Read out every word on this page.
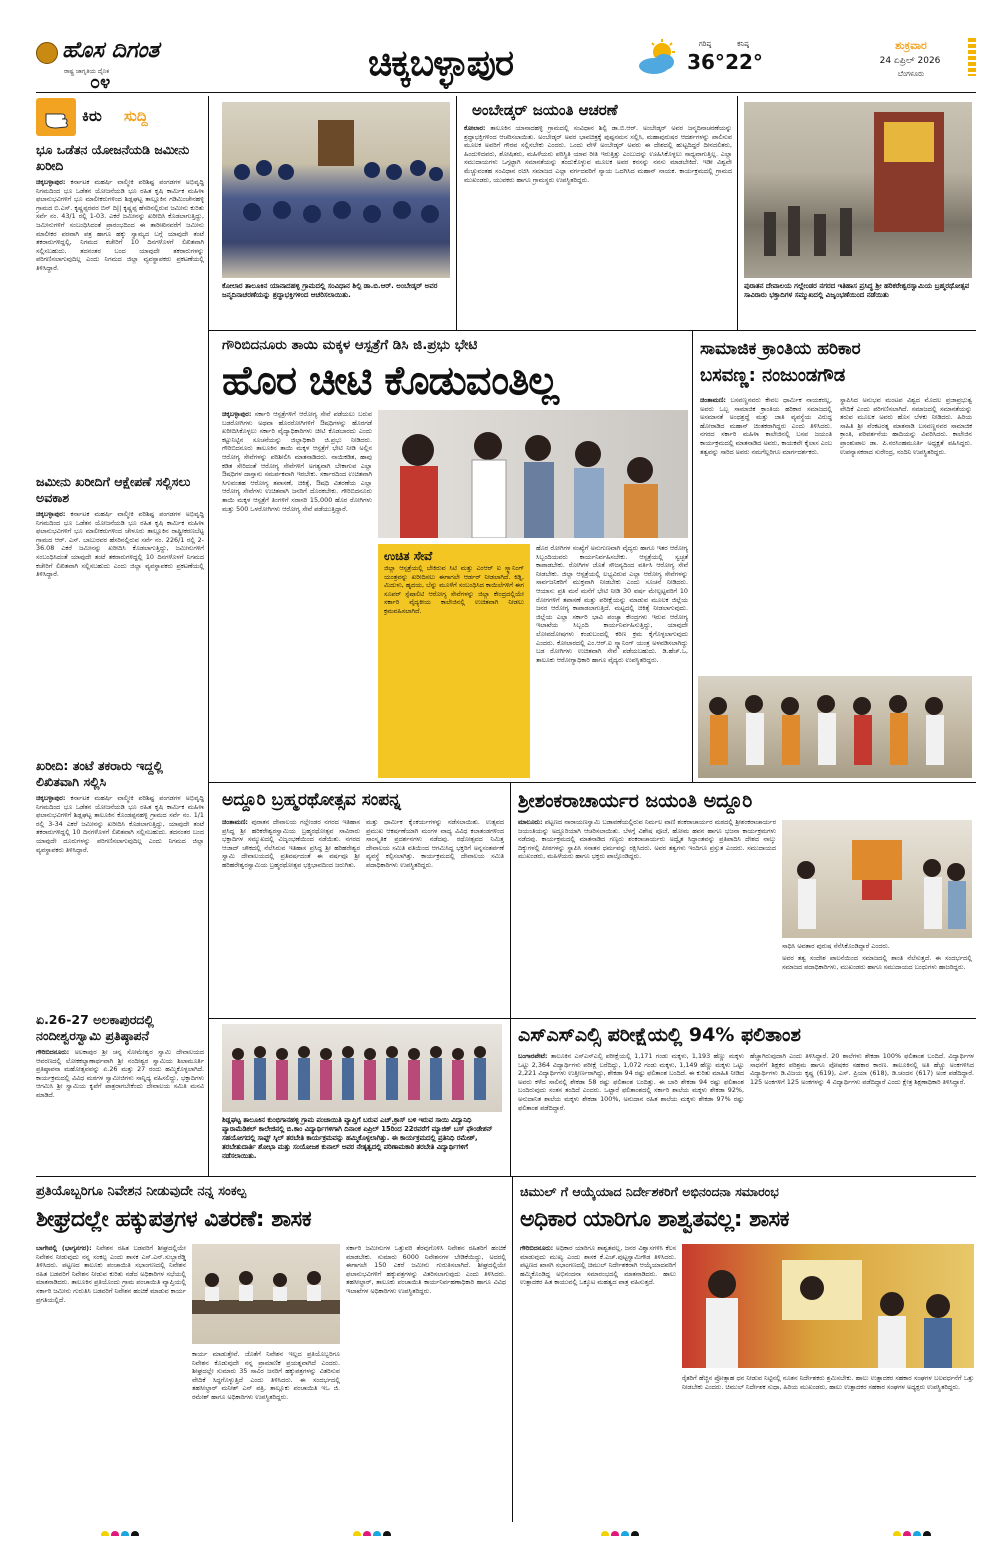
ಹೊಸ ದಿಗಂತ
ರಾಷ್ಟ್ರ ಜಾಗೃತಿಯ ದೈನಿಕ
೦೪	ಚಿಕ್ಕಬಳ್ಳಾಪುರ	ಗರಿಷ್ಠ
36°
ಕನಿಷ್ಠ
22°
ಶುಕ್ರವಾರ
24 ಏಪ್ರಿಲ್ 2026
ಬೆಂಗಳೂರು
ಕಿರು	ಸುದ್ದಿ
ಭೂ ಒಡೆತನ ಯೋಜನೆಯಡಿ ಜಮೀನು ಖರೀದಿ
ಚಿಕ್ಕಬಳ್ಳಾಪುರ: ಕರ್ನಾಟಕ ಮಹರ್ಷಿ ವಾಲ್ಮೀಕಿ ಪರಿಶಿಷ್ಟ ಪಂಗಡಗಳ ಅಭಿವೃದ್ಧಿ ನಿಗಮದಿಂದ ಭೂ ಒಡೆತನ ಯೋಜನೆಯಡಿ ಭೂ ರಹಿತ ಕೃಷಿ ಕಾರ್ಮಿಕ ಮಹಿಳಾ ಫಲಾನುಭವಿಗಳಿಗೆ ಭೂ ಮಾಲೀಕರುಗಳಿಂದ ಶಿಡ್ಲಘಟ್ಟ ತಾಲ್ಲೂಕಿನ ಗಡಿಮಿಂಚೇನಹಳ್ಳಿ ಗ್ರಾಮದ ಬಿ.ಎಸ್. ಕೃಷ್ಣಪ್ಪರವರ ಬಿನ್ ದಿ|| ಕೃಷ್ಣಪ್ಪ ಹೆಸರಿನಲ್ಲಿರುವ ಜಮೀನು ಕುರಿತು ಸರ್ವೆ ನಂ. 43/1 ರಲ್ಲಿ 1-03. ಎಕರೆ ಜಮೀನನ್ನು ಖರೀದಿಸಿ ಕೊಡಲಾಗುತ್ತಿದ್ದು, ಜಮೀನುಗಳಿಗೆ ಸಂಬಂಧಿಸಿದಂತೆ ಪ್ರಾರಂಭದಿಂದ ಈ ತಾರೀಖಿನವರೆಗೆ ಜಮೀನು ಮಾಲೀಕರ ಪರವಾಗಿ ಪತ್ರ ಹಾಗೂ ಹಕ್ಕು ಸ್ವಾಮ್ಯದ ಬಗ್ಗೆ ಯಾವುದೇ ತಂಟೆ ತಕರಾರುಗಳಿದ್ದಲ್ಲಿ, ನಿಗಮದ ಕಚೇರಿಗೆ 10 ದಿನಗಳೊಳಗೆ ಲಿಖಿತವಾಗಿ ಸಲ್ಲಿಸಬಹುದು. ತದನಂತರ ಬಂದ ಯಾವುದೇ ತಕರಾರುಗಳನ್ನು ಪರಿಗಣಿಸಲಾಗುವುದಿಲ್ಲ ಎಂದು ನಿಗಮದ ಜಿಲ್ಲಾ ವ್ಯವಸ್ಥಾಪಕರು ಪ್ರಕಟಣೆಯಲ್ಲಿ ತಿಳಿಸಿದ್ದಾರೆ.
ಜಮೀನು ಖರೀದಿಗೆ ಆಕ್ಷೇಪಣೆ ಸಲ್ಲಿಸಲು ಅವಕಾಶ
ಚಿಕ್ಕಬಳ್ಳಾಪುರ: ಕರ್ನಾಟಕ ಮಹರ್ಷಿ ವಾಲ್ಮೀಕಿ ಪರಿಶಿಷ್ಟ ಪಂಗಡಗಳ ಅಭಿವೃದ್ಧಿ ನಿಗಮದಿಂದ ಭೂ ಒಡೆತನ ಯೋಜನೆಯಡಿ ಭೂ ರಹಿತ ಕೃಷಿ ಕಾರ್ಮಿಕ ಮಹಿಳಾ ಫಲಾನುಭವಿಗಳಿಗೆ ಭೂ ಮಾಲೀಕರುಗಳಿಂದ ಚೇಳೂರು ತಾಲ್ಲೂಕಿನ ರಾಷ್ಟ್ರೀಕರಣಬೆಟ್ಟ ಗ್ರಾಮದ ಆರ್. ಎಸ್. ಬಾಬುರವರ ಹೆಸರಿನಲ್ಲಿರುವ ಸರ್ವೆ ನಂ. 226/1 ರಲ್ಲಿ 2-36.08 ಎಕರೆ ಜಮೀನನ್ನು ಖರೀದಿಸಿ ಕೊಡಲಾಗುತ್ತಿದ್ದು, ಜಮೀನುಗಳಿಗೆ ಸಂಬಂಧಿಸಿದಂತೆ ಯಾವುದೇ ತಂಟೆ ತಕರಾರುಗಳಿದ್ದಲ್ಲಿ 10 ದಿನಗಳೊಳಗೆ ನಿಗಮದ ಕಚೇರಿಗೆ ಲಿಖಿತವಾಗಿ ಸಲ್ಲಿಸಬಹುದು ಎಂದು ಜಿಲ್ಲಾ ವ್ಯವಸ್ಥಾಪಕರು ಪ್ರಕಟಣೆಯಲ್ಲಿ ತಿಳಿಸಿದ್ದಾರೆ.
ಖರೀದಿ: ತಂಟೆ ತಕರಾರು ಇದ್ದಲ್ಲಿ ಲಿಖಿತವಾಗಿ ಸಲ್ಲಿಸಿ
ಚಿಕ್ಕಬಳ್ಳಾಪುರ: ಕರ್ನಾಟಕ ಮಹರ್ಷಿ ವಾಲ್ಮೀಕಿ ಪರಿಶಿಷ್ಟ ಪಂಗಡಗಳ ಅಭಿವೃದ್ಧಿ ನಿಗಮದಿಂದ ಭೂ ಒಡೆತನ ಯೋಜನೆಯಡಿ ಭೂ ರಹಿತ ಕೃಷಿ ಕಾರ್ಮಿಕ ಮಹಿಳಾ ಫಲಾನುಭವಿಗಳಿಗೆ ಶಿಡ್ಲಘಟ್ಟ ತಾಲೂಕಿನ ಕೊಂಡಪ್ಪನಹಳ್ಳಿ ಗ್ರಾಮದ ಸರ್ವೆ ನಂ. 1/1 ರಲ್ಲಿ 3-34 ಎಕರೆ ಜಮೀನನ್ನು ಖರೀದಿಸಿ ಕೊಡಲಾಗುತ್ತಿದ್ದು, ಯಾವುದೇ ತಂಟೆ ತಕರಾರುಗಳಿದ್ದಲ್ಲಿ 10 ದಿನಗಳೊಳಗೆ ಲಿಖಿತವಾಗಿ ಸಲ್ಲಿಸಬಹುದು. ತದನಂತರ ಬಂದ ಯಾವುದೇ ದೂರುಗಳನ್ನು ಪರಿಗಣಿಸಲಾಗುವುದಿಲ್ಲ ಎಂದು ನಿಗಮದ ಜಿಲ್ಲಾ ವ್ಯವಸ್ಥಾಪಕರು ತಿಳಿಸಿದ್ದಾರೆ.
ಏ.26-27 ಅಲಕಾಪುರದಲ್ಲಿ ನಂದೀಶ್ವರಸ್ವಾಮಿ ಪ್ರತಿಷ್ಠಾಪನೆ
ಗೌರಿಬಿದನೂರು: ಅಲಕಾಪುರ ಶ್ರೀ ಚನ್ನ ಸೋಮೇಶ್ವರ ಸ್ವಾಮಿ ದೇವಾಲಯದ ಆವರಣದಲ್ಲಿ ಲೋಕಕಲ್ಯಾಣಾರ್ಥವಾಗಿ ಶ್ರೀ ನಂದೀಶ್ವರ ಸ್ವಾಮಿಯ ಶಿಲಾಮೂರ್ತಿ ಪ್ರತಿಷ್ಠಾಪನಾ ಮಹೋತ್ಸವವನ್ನು ಏ.26 ಮತ್ತು 27 ರಂದು ಹಮ್ಮಿಕೊಳ್ಳಲಾಗಿದೆ. ಕಾರ್ಯಕ್ರಮದಲ್ಲಿ ವಿವಿಧ ಮಠಗಳ ಸ್ವಾಮೀಜಿಗಳು ಸಾನ್ನಿಧ್ಯ ವಹಿಸಲಿದ್ದು, ಭಕ್ತಾದಿಗಳು ಆಗಮಿಸಿ ಶ್ರೀ ಸ್ವಾಮಿಯ ಕೃಪೆಗೆ ಪಾತ್ರರಾಗಬೇಕೆಂದು ದೇವಾಲಯ ಸಮಿತಿ ಮನವಿ ಮಾಡಿದೆ.
ಕೋಲಾರ ತಾಲೂಕಿನ ಯಾನಾದಹಳ್ಳಿ ಗ್ರಾಮದಲ್ಲಿ ಸಂವಿಧಾನ ಶಿಲ್ಪಿ ಡಾ.ಬಿ.ಆರ್. ಅಂಬೇಡ್ಕರ್ ಅವರ ಜನ್ಮದಿನಾಚರಣೆಯನ್ನು ಶ್ರದ್ಧಾಭಕ್ತಿಗಳಿಂದ ಆಚರಿಸಲಾಯಿತು.
ಅಂಬೇಡ್ಕರ್ ಜಯಂತಿ ಆಚರಣೆ
ಕೋಲಾರ: ತಾಲೂಕಿನ ಯಾನಾದಹಳ್ಳಿ ಗ್ರಾಮದಲ್ಲಿ ಸಂವಿಧಾನ ಶಿಲ್ಪಿ ಡಾ.ಬಿ.ಆರ್. ಅಂಬೇಡ್ಕರ್ ಅವರ ಜನ್ಮದಿನಾಚರಣೆಯನ್ನು ಶ್ರದ್ಧಾಭಕ್ತಿಗಳಿಂದ ಆಚರಿಸಲಾಯಿತು. ಅಂಬೇಡ್ಕರ್ ಅವರ ಭಾವಚಿತ್ರಕ್ಕೆ ಪುಷ್ಪನಮನ ಸಲ್ಲಿಸಿ, ಮಹಾಪುರುಷರ ಆದರ್ಶಗಳನ್ನು ಪಾಲಿಸುವ ಮೂಲಕ ಅವರಿಗೆ ಗೌರವ ಸಲ್ಲಿಸಬೇಕು ಎಂದರು. ಒಂದು ವೇಳೆ ಅಂಬೇಡ್ಕರ್ ಅವರು ಈ ದೇಶದಲ್ಲಿ ಹುಟ್ಟದಿದ್ದರೆ ದೀನದಲಿತರು, ಹಿಂದುಳಿದವರು, ಶೋಷಿತರು, ಮಹಿಳೆಯರು ಪರಿಸ್ಥಿತಿ ಯಾವ ರೀತಿ ಇರುತ್ತಿತ್ತು ಎಂಬುದನ್ನು ಊಹಿಸಿಕೊಳ್ಳಲು ಸಾಧ್ಯವಾಗುತ್ತಿಲ್ಲ. ಎಲ್ಲಾ ಸಮುದಾಯಗಳು ಒಗ್ಗಟ್ಟಾಗಿ ಸಮಾನತೆಯನ್ನು ತಂದುಕೊಳ್ಳುವ ಮೂಲಕ ಅವರ ಕನಸನ್ನು ನನಸು ಮಾಡಬೇಕಿದೆ. ಇಡೀ ವಿಶ್ವವೇ ಮೆಚ್ಚುವಂತಹ ಸಂವಿಧಾನ ರಚಿಸಿ ಸಮಾಜದ ಎಲ್ಲಾ ವರ್ಗದವರಿಗೆ ನ್ಯಾಯ ಒದಗಿಸಿದ ಮಹಾನ್ ನಾಯಕ. ಕಾರ್ಯಕ್ರಮದಲ್ಲಿ ಗ್ರಾಮದ ಮುಖಂಡರು, ಯುವಕರು ಹಾಗೂ ಗ್ರಾಮಸ್ಥರು ಉಪಸ್ಥಿತರಿದ್ದರು.
ಪುರಾತನ ದೇವಾಲಯ ಗಲ್ಲೇಂಡರ ನಗರದ ಇತಿಹಾಸ ಪ್ರಸಿದ್ಧ ಶ್ರೀ ಹರಿಕರೇಶ್ವರಸ್ವಾಮಿಯ ಬ್ರಹ್ಮರಥೋತ್ಸವ ಸಾವಿರಾರು ಭಕ್ತಾದಿಗಳ ಸಮ್ಮುಖದಲ್ಲಿ ವಿಜೃಂಭಣೆಯಿಂದ ನಡೆಯಿತು
ಗೌರಿಬಿದನೂರು ತಾಯಿ ಮಕ್ಕಳ ಆಸ್ಪತ್ರೆಗೆ ಡಿಸಿ ಜಿ.ಪ್ರಭು ಭೇಟಿ
ಹೊರ ಚೀಟಿ ಕೊಡುವಂತಿಲ್ಲ
ಚಿಕ್ಕಬಳ್ಳಾಪುರ: ಸರ್ಕಾರಿ ಆಸ್ಪತ್ರೆಗಳಿಗೆ ಆರೋಗ್ಯ ಸೇವೆ ಪಡೆಯಲು ಬರುವ ಬಡರೋಗಿಗಳು ಅಥವಾ ಹೊರರೋಗಿಗಳಿಗೆ ಔಷಧಿಗಳನ್ನು ಹೊರಗಡೆ ಖರೀದಿಸಿಕೊಳ್ಳಲು ಸರ್ಕಾರಿ ವೈದ್ಯಾಧಿಕಾರಿಗಳು ಚೀಟಿ ಕೊಡಬಾರದು ಎಂದು ಕಟ್ಟುನಿಟ್ಟಿನ ಸೂಚನೆಯನ್ನು ಜಿಲ್ಲಾಧಿಕಾರಿ ಜಿ.ಪ್ರಭು ನೀಡಿದರು. ಗೌರಿಬಿದನೂರು ತಾಲೂಕಿನ ತಾಯಿ ಮಕ್ಕಳ ಆಸ್ಪತ್ರೆಗೆ ಭೇಟಿ ನೀಡಿ ಅಲ್ಲಿನ ಆರೋಗ್ಯ ಸೇವೆಗಳನ್ನು ಪರಿಶೀಲಿಸಿ ಮಾತನಾಡಿದರು. ನಾಯಿಕಡಿತ, ಹಾವು ಕಡಿತ ಸೇರಿದಂತೆ ಆರೋಗ್ಯ ಸೇವೆಗಳಿಗೆ ಅಗತ್ಯವಾಗಿ ಬೇಕಾಗುವ ಎಲ್ಲಾ ಔಷಧಿಗಳ ದಾಸ್ತಾನು ಸಮರ್ಪಕವಾಗಿ ಇರಬೇಕು. ಸರ್ಕಾರದಿಂದ ಉಚಿತವಾಗಿ ಸಿಗುವಂತಹ ಆರೋಗ್ಯ ತಪಾಸಣೆ, ಚಿಕಿತ್ಸೆ, ಔಷಧಿ ವಿತರಣೆಯ ಎಲ್ಲಾ ಆರೋಗ್ಯ ಸೇವೆಗಳು ಉಚಿತವಾಗಿ ಜನರಿಗೆ ದೊರಕಬೇಕು. ಗೌರಿಬಿದನೂರು ತಾಯಿ ಮಕ್ಕಳ ಆಸ್ಪತ್ರೆಗೆ ತಿಂಗಳಿಗೆ ಸರಾಸರಿ 15,000 ಹೊರ ರೋಗಿಗಳು ಮತ್ತು 500 ಒಳರೋಗಿಗಳು ಆರೋಗ್ಯ ಸೇವೆ ಪಡೆಯುತ್ತಿದ್ದಾರೆ.
ಉಚಿತ ಸೇವೆ
ಜಿಲ್ಲಾ ಆಸ್ಪತ್ರೆಯಲ್ಲಿ ಬೇಕಿರುವ ಸಿಟಿ ಮತ್ತು ಎಂಆರ್ ಐ ಸ್ಕ್ಯಾನಿಂಗ್ ಯಂತ್ರವನ್ನು ಖರೀದಿಸಲು ಈಗಾಗಲೇ ಆರ್ಡರ್ ನೀಡಲಾಗಿದೆ. ಕಿಡ್ನಿ, ಮಿದುಳು, ಹೃದಯ, ಬೆನ್ನು ಮೂಳೆಗೆ ಸಂಬಂಧಿಸಿದ ಕಾಯಿಲೆಗಳಿಗೆ ಈಗ ಸೂಪರ್ ಸ್ಪೆಷಾಲಿಟಿ ಆರೋಗ್ಯ ಸೇವೆಗಳನ್ನು ಜಿಲ್ಲಾ ಕೇಂದ್ರದಲ್ಲಿಯೇ ಸರ್ಕಾರಿ ವೈದ್ಯಕೀಯ ಕಾಲೇಜಿನಲ್ಲಿ ಉಚಿತವಾಗಿ ನೀಡಲು ಕ್ರಮವಹಿಸಲಾಗಿದೆ.
ಹೊರ ರೋಗಿಗಳ ಸಂಖ್ಯೆಗೆ ಅನುಗುಣವಾಗಿ ವೈದ್ಯರು ಹಾಗೂ ಇತರ ಆರೋಗ್ಯ ಸಿಬ್ಬಂದಿಯವರು ಕಾರ್ಯನಿರ್ವಹಿಸಬೇಕು. ಆಸ್ಪತ್ರೆಯಲ್ಲಿ ಸ್ವಚ್ಛತೆ ಕಾಪಾಡಬೇಕು. ರೋಗಿಗಳ ಜೊತೆ ಸೌಜನ್ಯದಿಂದ ವರ್ತಿಸಿ ಆರೋಗ್ಯ ಸೇವೆ ನೀಡಬೇಕು. ಜಿಲ್ಲಾ ಆಸ್ಪತ್ರೆಯಲ್ಲಿ ಲಭ್ಯವಿರುವ ಎಲ್ಲಾ ಆರೋಗ್ಯ ಸೇವೆಗಳನ್ನು ಸಾರ್ವಜನಿಕರಿಗೆ ಮುಕ್ತವಾಗಿ ನೀಡಬೇಕು ಎಂದು ಸೂಚನೆ ನೀಡಿದರು. ಆಯಾಸ: ಪ್ರತಿ ಮನೆ ಮನೆಗೆ ಭೇಟಿ ನೀಡಿ 30 ವರ್ಷ ಮೇಲ್ಪಟ್ಟವರಿಗೆ 10 ರೋಗಗಳಿಗೆ ತಪಾಸಣೆ ಮತ್ತು ಪರೀಕ್ಷೆಯನ್ನು ಮಾಡುವ ಮೂಲಕ ಜಿಲ್ಲೆಯ ಜನರ ಆರೋಗ್ಯ ಕಾಪಾಡಲಾಗುತ್ತಿದೆ. ಮಟ್ಟದಲ್ಲಿ ಚಿಕಿತ್ಸೆ ನೀಡಲಾಗುವುದು. ಜಿಲ್ಲೆಯ ಎಲ್ಲಾ ಸರ್ಕಾರಿ ಭಾವಿ ಪಂಚ್ಯಾ ಕೇಂದ್ರಗಳು ಇರುವ ಆರೋಗ್ಯ ಇಲಾಖೆಯ ಸಿಬ್ಬಂದಿ ಕಾರ್ಯನಿರ್ವಹಿಸುತ್ತಿದ್ದು, ಯಾವುದೇ ಲೋಪದೋಷಗಳು ಕಂಡುಬಂದಲ್ಲಿ ಕಠಿಣ ಕ್ರಮ ಕೈಗೊಳ್ಳಲಾಗುವುದು ಎಂದರು. ಕೋಲಾರದಲ್ಲಿ ಎಂ.ಆರ್.ಐ ಸ್ಕ್ಯಾನಿಂಗ್ ಯಂತ್ರ ಅಳವಡಿಸಲಾಗಿದ್ದು ಬಡ ರೋಗಿಗಳು ಉಚಿತವಾಗಿ ಸೇವೆ ಪಡೆಯಬಹುದು. ಡಿ.ಹೆಚ್.ಒ, ತಾಲೂಕು ಆರೋಗ್ಯಾಧಿಕಾರಿ ಹಾಗೂ ವೈದ್ಯರು ಉಪಸ್ಥಿತರಿದ್ದರು.
ಸಾಮಾಜಿಕ ಕ್ರಾಂತಿಯ ಹರಿಕಾರ
ಬಸವಣ್ಣ: ನಂಜುಂಡಗೌಡ
ಚಿಂತಾಮಣಿ: ಬಸವಣ್ಣನವರು ಕೇವಲ ಧಾರ್ಮಿಕ ನಾಯಕರಲ್ಲ, ಅವರು ಒಬ್ಬ ಸಾಮಾಜಿಕ ಕ್ರಾಂತಿಯ ಹರಿಕಾರ ಸಮಾಜದಲ್ಲಿ ಅಸಮಾನತೆ ಅಂಧಶ್ರದ್ಧೆ ಮತ್ತು ಜಾತಿ ವ್ಯವಸ್ಥೆಯ ವಿರುದ್ಧ ಹೋರಾಡಿದ ಮಹಾನ್ ಚಿಂತಕರಾಗಿದ್ದರು ಎಂದು ತಿಳಿಸಿದರು. ನಗರದ ಸರ್ಕಾರಿ ಮಹಿಳಾ ಕಾಲೇಜಿನಲ್ಲಿ ಬಸವ ಜಯಂತಿ ಕಾರ್ಯಕ್ರಮದಲ್ಲಿ ಮಾತನಾಡಿದ ಅವರು, ಕಾಯಕವೇ ಕೈಲಾಸ ಎಂಬ ತತ್ವವನ್ನು ಸಾರಿದ ಅವರು ನಮಗೆಲ್ಲರಿಗೂ ಮಾರ್ಗದರ್ಶಕರು.
ಸ್ಥಾಪಿಸಿದ ಅನುಭವ ಮಂಟಪ ವಿಶ್ವದ ಮೊದಲ ಪ್ರಜಾಪ್ರಭುತ್ವ ವೇದಿಕೆ ಎಂದು ಪರಿಗಣಿಸಲಾಗಿದೆ. ಸಮಾಜದಲ್ಲಿ ಸಮಾನತೆಯನ್ನು ತರುವ ಮೂಲಕ ಅವರು ಹೊಸ ಬೆಳಕು ನೀಡಿದರು. ಹಿರಿಯ ಸಾಹಿತಿ ಶ್ರೀ ವೆಂಕಟರತ್ನ ಮಾತನಾಡಿ ಬಸವಣ್ಣನವರ ಸಾಮಾಜಿಕ ಕ್ರಾಂತಿ, ಪರಿವರ್ತನೆಯ ಹಾದಿಯನ್ನು ವಿವರಿಸಿದರು. ಕಾಲೇಜಿನ ಪ್ರಾಂಶುಪಾಲ ಡಾ. ಪಿ.ನರಸಿಂಹಮೂರ್ತಿ ಅಧ್ಯಕ್ಷತೆ ವಹಿಸಿದ್ದರು. ಉಪನ್ಯಾಸಕರಾದ ಸುರೇಂದ್ರ, ನಂದಿನಿ ಉಪಸ್ಥಿತರಿದ್ದರು.
ಅದ್ದೂರಿ ಬ್ರಹ್ಮರಥೋತ್ಸವ ಸಂಪನ್ನ
ಚಿಂತಾಮಣಿ: ಪುರಾತನ ದೇವಾಲಯ ಗಲ್ಲೇಂಡರ ನಗರದ ಇತಿಹಾಸ ಪ್ರಸಿದ್ಧ ಶ್ರೀ ಹರಿಕರೇಶ್ವರಸ್ವಾಮಿಯ ಬ್ರಹ್ಮರಥೋತ್ಸವ ಸಾವಿರಾರು ಭಕ್ತಾದಿಗಳ ಸಮ್ಮುಖದಲ್ಲಿ ವಿಜೃಂಭಣೆಯಿಂದ ನಡೆಯಿತು. ನಗರದ ಆಜಾದ್ ಚೌಕದಲ್ಲಿ ನೆಲೆಸಿರುವ ಇತಿಹಾಸ ಪ್ರಸಿದ್ಧ ಶ್ರೀ ಹರಿಹರೇಶ್ವರ ಸ್ವಾಮಿ ದೇವಾಲಯದಲ್ಲಿ ಪ್ರತಿವರ್ಷದಂತೆ ಈ ವರ್ಷವೂ ಶ್ರೀ ಹರಿಹರೇಶ್ವರಸ್ವಾಮಿಯ ಬ್ರಹ್ಮರಥೋತ್ಸವ ಭಕ್ತಿಭಾವದಿಂದ ಜರುಗಿತು.
ಮತ್ತು ಧಾರ್ಮಿಕ ಕೈಂಕರ್ಯಗಳನ್ನು ನಡೆಸಲಾಯಿತು. ಉತ್ಸವದ ಪ್ರಮುಖ ಆಕರ್ಷಣೆಯಾಗಿ ಮಂಗಳ ವಾದ್ಯ ವಿವಿಧ ಕಲಾತಂಡಗಳಿಂದ ಸಾಂಸ್ಕೃತಿಕ ಪ್ರದರ್ಶನಗಳು ನಡೆದವು. ರಥೋತ್ಸವದ ನಿಮಿತ್ತ ದೇವಾಲಯ ಸಮಿತಿ ವತಿಯಿಂದ ಆಗಮಿಸಿದ್ದ ಭಕ್ತರಿಗೆ ಅನ್ನಸಂತರ್ಪಣೆ ವ್ಯವಸ್ಥೆ ಕಲ್ಪಿಸಲಾಗಿತ್ತು. ಕಾರ್ಯಕ್ರಮದಲ್ಲಿ ದೇವಾಲಯ ಸಮಿತಿ ಪದಾಧಿಕಾರಿಗಳು ಉಪಸ್ಥಿತರಿದ್ದರು.
ಶ್ರೀಶಂಕರಾಚಾರ್ಯರ ಜಯಂತಿ ಅದ್ದೂರಿ
ಮಾಲೂರು: ಪಟ್ಟಣದ ನಾರಾಯಣಸ್ವಾಮಿ ಬಡಾವಣೆಯಲ್ಲಿರುವ ನಿರ್ಮಲ ವಾಣಿ ಶಂಕರಾಚಾರ್ಯರ ಮಠದಲ್ಲಿ ಶ್ರೀಶಂಕರಾಚಾರ್ಯರ ಜಯಂತಿಯನ್ನು ಅದ್ದೂರಿಯಾಗಿ ಆಚರಿಸಲಾಯಿತು. ಬೆಳಗ್ಗೆ ವಿಶೇಷ ಪೂಜೆ, ಹೋಮ ಹವನ ಹಾಗೂ ಭಜನಾ ಕಾರ್ಯಕ್ರಮಗಳು ನಡೆದವು. ಕಾರ್ಯಕ್ರಮದಲ್ಲಿ ಮಾತನಾಡಿದ ಗಣ್ಯರು ಶಂಕರಾಚಾರ್ಯರು ಅದ್ವೈತ ಸಿದ್ಧಾಂತವನ್ನು ಪ್ರತಿಪಾದಿಸಿ ದೇಶದ ನಾಲ್ಕು ದಿಕ್ಕುಗಳಲ್ಲಿ ಪೀಠಗಳನ್ನು ಸ್ಥಾಪಿಸಿ ಸನಾತನ ಧರ್ಮವನ್ನು ರಕ್ಷಿಸಿದರು. ಅವರ ತತ್ವಗಳು ಇಂದಿಗೂ ಪ್ರಸ್ತುತ ಎಂದರು. ಸಮುದಾಯದ ಮುಖಂಡರು, ಮಹಿಳೆಯರು ಹಾಗೂ ಭಕ್ತರು ಪಾಲ್ಗೊಂಡಿದ್ದರು.
ಸಾಧಿಸಿ ಅವತಾರ ಪುರುಷ ನೆನೆಸಿಕೊಂಡಿದ್ದಾರೆ ಎಂದರು.
ಅವರ ತತ್ವ ಸಂದೇಶ ಪಾಲನೆಯಿಂದ ಸಮಾಜದಲ್ಲಿ ಶಾಂತಿ ನೆಲೆಸುತ್ತದೆ. ಈ ಸಂದರ್ಭದಲ್ಲಿ ಸಮಾಜದ ಪದಾಧಿಕಾರಿಗಳು, ಮುಖಂಡರು ಹಾಗೂ ಸಮುದಾಯದ ಬಂಧುಗಳು ಹಾಜರಿದ್ದರು.
ಶಿಡ್ಲಘಟ್ಟ ತಾಲೂಕಿನ ಕುಂಭಿಗಾನಹಳ್ಳಿ ಗ್ರಾಮ ಪಂಚಾಯಿತಿ ವ್ಯಾಪ್ತಿಗೆ ಬರುವ ಎಚ್.ಕ್ರಾಸ್ ಬಳಿ ಇರುವ ಸಾಯಿ ವಿದ್ಯಾನಿಧಿ ಪ್ಯಾರಾಮೆಡಿಕಲ್ ಕಾಲೇಜಿನಲ್ಲಿ ಬಿ.ಕಾಂ ವಿದ್ಯಾರ್ಥಿಗಳಿಗಾಗಿ ದಿನಾಂಕ ಏಪ್ರಿಲ್ 15ರಿಂದ 22ರವರೆಗೆ ಮ್ಯಾಜಿಕ್ ಬಸ್ ಫೌಂಡೇಶನ್ ಸಹಯೋಗದಲ್ಲಿ ಸಾಫ್ಟ್ ಸ್ಕಿಲ್ ತರಬೇತಿ ಕಾರ್ಯಕ್ರಮವನ್ನು ಹಮ್ಮಿಕೊಳ್ಳಲಾಗಿತ್ತು. ಈ ಕಾರ್ಯಕ್ರಮದಲ್ಲಿ ಪ್ರತಿನಿಧಿ ರಮೇಶ್, ತರಬೇತುದಾರ್ತಿ ಶೋಭಾ ಮತ್ತು ಸಂಯೋಜಕ ಕುನಾಲ್ ಅವರ ನೇತೃತ್ವದಲ್ಲಿ ಪರಿಣಾಮಕಾರಿ ತರಬೇತಿ ವಿದ್ಯಾರ್ಥಿಗಳಿಗೆ ನಡೆಸಲಾಯಿತು.
ಎಸ್ಎಸ್ಎಲ್ಸಿ ಪರೀಕ್ಷೆಯಲ್ಲಿ 94% ಫಲಿತಾಂಶ
ಬಂಗಾರಪೇಟೆ: ತಾಲೂಕಿನ ಎಸ್ಎಸ್ಎಲ್ಸಿ ಪರೀಕ್ಷೆಯಲ್ಲಿ 1,171 ಗಂಡು ಮಕ್ಕಳು, 1,193 ಹೆಣ್ಣು ಮಕ್ಕಳು ಒಟ್ಟು 2,364 ವಿದ್ಯಾರ್ಥಿಗಳು ಪರೀಕ್ಷೆ ಬರೆದಿದ್ದು, 1,072 ಗಂಡು ಮಕ್ಕಳು, 1,149 ಹೆಣ್ಣು ಮಕ್ಕಳು ಒಟ್ಟು 2,221 ವಿದ್ಯಾರ್ಥಿಗಳು ಉತ್ತೀರ್ಣರಾಗಿದ್ದು, ಶೇಕಡಾ 94 ರಷ್ಟು ಫಲಿತಾಂಶ ಬಂದಿದೆ. ಈ ಕುರಿತು ಮಾಹಿತಿ ನೀಡಿದ ಅವರು ಕಳೆದ ಸಾಲಿನಲ್ಲಿ ಶೇಕಡಾ 58 ರಷ್ಟು ಫಲಿತಾಂಶ ಬಂದಿತ್ತು. ಈ ಬಾರಿ ಶೇಕಡಾ 94 ರಷ್ಟು ಫಲಿತಾಂಶ ಬಂದಿರುವುದು ಸಂತಸ ತಂದಿದೆ ಎಂದರು. ಒಟ್ಟಾರೆ ಫಲಿತಾಂಶದಲ್ಲಿ ಸರ್ಕಾರಿ ಶಾಲೆಯ ಮಕ್ಕಳು ಶೇಕಡಾ 92%, ಅನುದಾನಿತ ಶಾಲೆಯ ಮಕ್ಕಳು ಶೇಕಡಾ 100%, ಅನುದಾನ ರಹಿತ ಶಾಲೆಯ ಮಕ್ಕಳು ಶೇಕಡಾ 97% ರಷ್ಟು ಫಲಿತಾಂಶ ಪಡೆದಿದ್ದಾರೆ.
ಹೆಚ್ಚಾಗಿರುವುದಾಗಿ ಎಂದು ತಿಳಿಸಿದ್ದಾರೆ. 20 ಶಾಲೆಗಳು ಶೇಕಡಾ 100% ಫಲಿತಾಂಶ ಬಂದಿದೆ. ವಿದ್ಯಾರ್ಥಿಗಳ ಸಾಧನೆಗೆ ಶಿಕ್ಷಕರ ಪರಿಶ್ರಮ ಹಾಗೂ ಪೋಷಕರ ಸಹಕಾರ ಕಾರಣ. ತಾಲೂಕಿನಲ್ಲಿ ಅತಿ ಹೆಚ್ಚು ಅಂಕಗಳಿಸಿದ ವಿದ್ಯಾರ್ಥಿಗಳು ಡಿ.ವಿಜಯ ಕೃಷ್ಣ (619), ಎಸ್. ಪ್ರಿಯಾ (618), ಡಿ.ಚಂದನ (617) ಅಂಕ ಪಡೆದಿದ್ದಾರೆ. 125 ಅಂಕಗಳಿಗೆ 125 ಅಂಕಗಳನ್ನು 4 ವಿದ್ಯಾರ್ಥಿಗಳು ಪಡೆದಿದ್ದಾರೆ ಎಂದು ಕ್ಷೇತ್ರ ಶಿಕ್ಷಣಾಧಿಕಾರಿ ತಿಳಿಸಿದ್ದಾರೆ.
ಪ್ರತಿಯೊಬ್ಬರಿಗೂ ನಿವೇಶನ ನೀಡುವುದೇ ನನ್ನ ಸಂಕಲ್ಪ
ಶೀಘ್ರದಲ್ಲೇ ಹಕ್ಕುಪತ್ರಗಳ ವಿತರಣೆ: ಶಾಸಕ
ಬಾಗೇಪಲ್ಲಿ (ಭಾಗ್ಯನಗರ): ನಿವೇಶನ ರಹಿತ ಬಡವರಿಗೆ ಶೀಘ್ರದಲ್ಲಿಯೇ ನಿವೇಶನ ನೀಡುವುದು ನನ್ನ ಸಂಕಲ್ಪ ಎಂದು ಶಾಸಕ ಎಸ್.ಎನ್.ಸುಬ್ಬಾರೆಡ್ಡಿ ತಿಳಿಸಿದರು. ಪಟ್ಟಣದ ತಾಲೂಕು ಪಂಚಾಯಿತಿ ಸಭಾಂಗಣದಲ್ಲಿ ನಿವೇಶನ ರಹಿತ ಬಡವರಿಗೆ ನಿವೇಶನ ನೀಡುವ ಕುರಿತು ನಡೆದ ಅಧಿಕಾರಿಗಳ ಸಭೆಯಲ್ಲಿ ಮಾತನಾಡಿದರು. ತಾಲೂಕಿನ ಪ್ರತಿಯೊಂದು ಗ್ರಾಮ ಪಂಚಾಯಿತಿ ವ್ಯಾಪ್ತಿಯಲ್ಲಿ ಸರ್ಕಾರಿ ಜಮೀನು ಗುರುತಿಸಿ ಬಡವರಿಗೆ ನಿವೇಶನ ಹಂಚಿಕೆ ಮಾಡುವ ಕಾರ್ಯ ಪ್ರಗತಿಯಲ್ಲಿದೆ.
ಸರ್ಕಾರಿ ಜಮೀನುಗಳ ಒತ್ತುವರಿ ತೆರವುಗೊಳಿಸಿ ನಿವೇಶನ ರಹಿತರಿಗೆ ಹಂಚಿಕೆ ಮಾಡಬೇಕು. ಸುಮಾರು 6000 ನಿವೇಶನಗಳ ಬೇಡಿಕೆಯಿದ್ದು, ಅದರಲ್ಲಿ ಈಗಾಗಲೇ 150 ಎಕರೆ ಜಮೀನು ಗುರುತಿಸಲಾಗಿದೆ. ಶೀಘ್ರದಲ್ಲಿಯೇ ಫಲಾನುಭವಿಗಳಿಗೆ ಹಕ್ಕುಪತ್ರಗಳನ್ನು ವಿತರಿಸಲಾಗುವುದು ಎಂದು ತಿಳಿಸಿದರು. ತಹಸೀಲ್ದಾರ್, ತಾಲೂಕು ಪಂಚಾಯಿತಿ ಕಾರ್ಯನಿರ್ವಹಣಾಧಿಕಾರಿ ಹಾಗೂ ವಿವಿಧ ಇಲಾಖೆಗಳ ಅಧಿಕಾರಿಗಳು ಉಪಸ್ಥಿತರಿದ್ದರು.
ಕಾರ್ಯ ಮಾಡುತ್ತೇವೆ. ಜೊತೆಗೆ ನಿವೇಶನ ಇಲ್ಲದ ಪ್ರತಿಯೊಬ್ಬರಿಗೂ ನಿವೇಶನ ಕೊಡುವುದೇ ನನ್ನ ಪ್ರಾಮಾಣಿಕ ಪ್ರಯತ್ನವಾಗಿದೆ ಎಂದರು. ಶೀಘ್ರದಲ್ಲೇ ಸುಮಾರು 35 ಸಾವಿರ ಜನರಿಗೆ ಹಕ್ಕುಪತ್ರಗಳನ್ನು ವಿತರಿಸುವ ವೇದಿಕೆ ಸಿದ್ಧಗೊಳ್ಳುತ್ತಿದೆ ಎಂದು ತಿಳಿಸಿದರು. ಈ ಸಂದರ್ಭದಲ್ಲಿ ತಹಸೀಲ್ದಾರ್ ಮನೀಶ್ ಎನ್ ಪತ್ರಿ, ತಾಲ್ಲೂಕು ಪಂಚಾಯಿತಿ ಇಒ ಜಿ. ರಮೇಶ್ ಹಾಗೂ ಅಧಿಕಾರಿಗಳು ಉಪಸ್ಥಿತರಿದ್ದರು.
ಚಿಮುಲ್ ಗೆ ಆಯ್ಕೆಯಾದ ನಿರ್ದೇಶಕರಿಗೆ ಅಭಿನಂದನಾ ಸಮಾರಂಭ
ಅಧಿಕಾರ ಯಾರಿಗೂ ಶಾಶ್ವತವಲ್ಲ: ಶಾಸಕ
ಗೌರಿಬಿದನೂರು: ಅಧಿಕಾರ ಯಾರಿಗೂ ಶಾಶ್ವತವಲ್ಲ, ಜನರ ವಿಶ್ವಾಸಗಳಿಸಿ ಕೆಲಸ ಮಾಡುವುದು ಮುಖ್ಯ ಎಂದು ಶಾಸಕ ಕೆ.ಎಚ್.ಪುಟ್ಟಸ್ವಾಮಿಗೌಡ ತಿಳಿಸಿದರು. ಪಟ್ಟಣದ ಖಾಸಗಿ ಸಭಾಂಗಣದಲ್ಲಿ ಚಿಮುಲ್ ನಿರ್ದೇಶಕರಾಗಿ ಆಯ್ಕೆಯಾದವರಿಗೆ ಹಮ್ಮಿಕೊಂಡಿದ್ದ ಅಭಿನಂದನಾ ಸಮಾರಂಭದಲ್ಲಿ ಮಾತನಾಡಿದರು. ಹಾಲು ಉತ್ಪಾದಕರ ಹಿತ ಕಾಯುವಲ್ಲಿ ಒಕ್ಕೂಟ ಮಹತ್ವದ ಪಾತ್ರ ವಹಿಸುತ್ತದೆ.
ರೈತರಿಗೆ ಹೆಚ್ಚಿನ ಪ್ರೋತ್ಸಾಹ ಧನ ನೀಡುವ ನಿಟ್ಟಿನಲ್ಲಿ ನೂತನ ನಿರ್ದೇಶಕರು ಶ್ರಮಿಸಬೇಕು. ಹಾಲು ಉತ್ಪಾದಕರ ಸಹಕಾರ ಸಂಘಗಳ ಬಲವರ್ಧನೆಗೆ ಒತ್ತು ನೀಡಬೇಕು ಎಂದರು. ಚಿಮುಲ್ ನಿರ್ದೇಶಕ ಸುಧಾ, ಹಿರಿಯ ಮುಖಂಡರು, ಹಾಲು ಉತ್ಪಾದಕರ ಸಹಕಾರ ಸಂಘಗಳ ಅಧ್ಯಕ್ಷರು ಉಪಸ್ಥಿತರಿದ್ದರು.
